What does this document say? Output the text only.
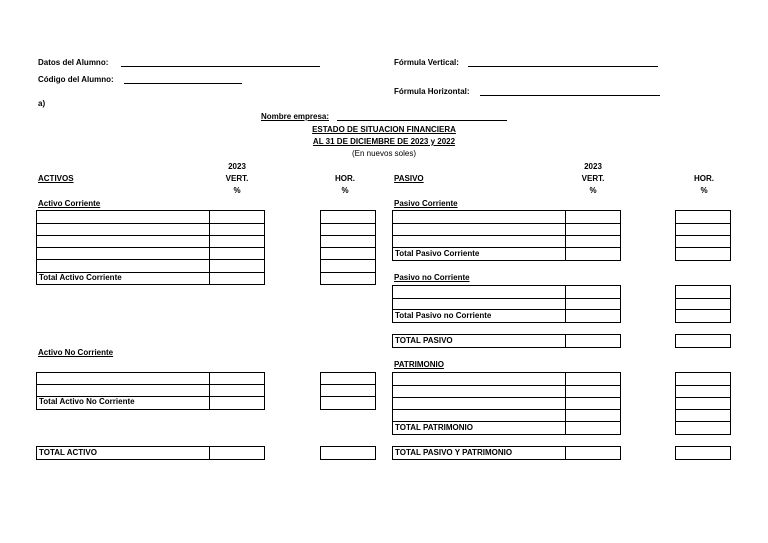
Datos del Alumno:
Código del Alumno:
Fórmula Vertical:
Fórmula Horizontal:
a)
Nombre empresa:
ESTADO DE SITUACION FINANCIERA
AL 31 DE DICIEMBRE DE 2023 y 2022
(En nuevos soles)
2023
ACTIVOS	VERT.
%
HOR.
%
2023
PASIVO	VERT.
%
HOR.
%
Activo Corriente
Total Activo Corriente
Activo No Corriente
Total Activo No Corriente
TOTAL ACTIVO
Pasivo Corriente
Total Pasivo Corriente
Pasivo no Corriente
Total Pasivo no Corriente
TOTAL PASIVO
PATRIMONIO
TOTAL PATRIMONIO
TOTAL PASIVO Y PATRIMONIO
